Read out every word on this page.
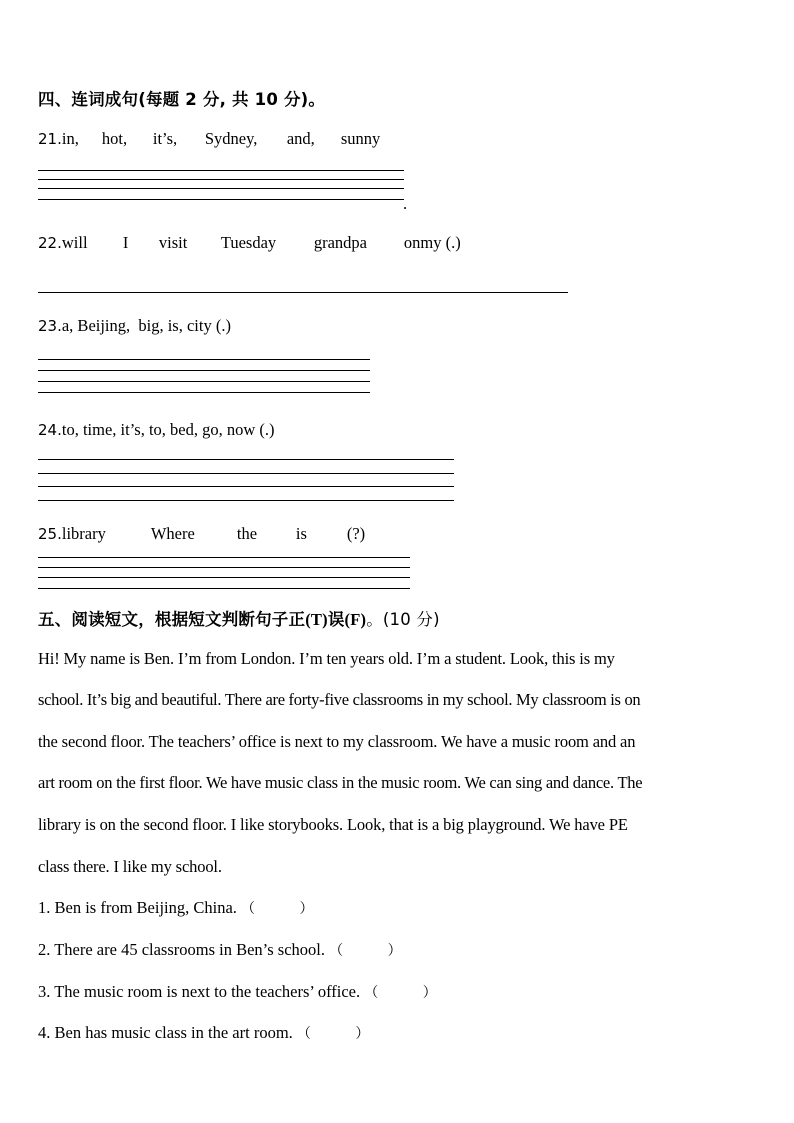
四、连词成句(每题 2 分, 共 10 分)。
21.in, hot, it’s, Sydney, and, sunny
.
22.will I visit Tuesday grandpa onmy (.)
23.a, Beijing,  big, is, city (.)
24.to, time, it’s, to, bed, go, now (.)
25.library	Where	the is (?)
五、阅读短文，根据短文判断句子正(T)误(F)。(10 分)
Hi! My name is Ben. I’m from London. I’m ten years old. I’m a student. Look, this is my
school. It’s big and beautiful. There are forty-five classrooms in my school. My classroom is on
the second floor. The teachers’ office is next to my classroom. We have a music room and an
art room on the first floor. We have music class in the music room. We can sing and dance. The
library is on the second floor. I like storybooks. Look, that is a big playground. We have PE
class there. I like my school.
1. Ben is from Beijing, China. （          ）
2. There are 45 classrooms in Ben’s school. （          ）
3. The music room is next to the teachers’ office. （          ）
4. Ben has music class in the art room. （          ）
